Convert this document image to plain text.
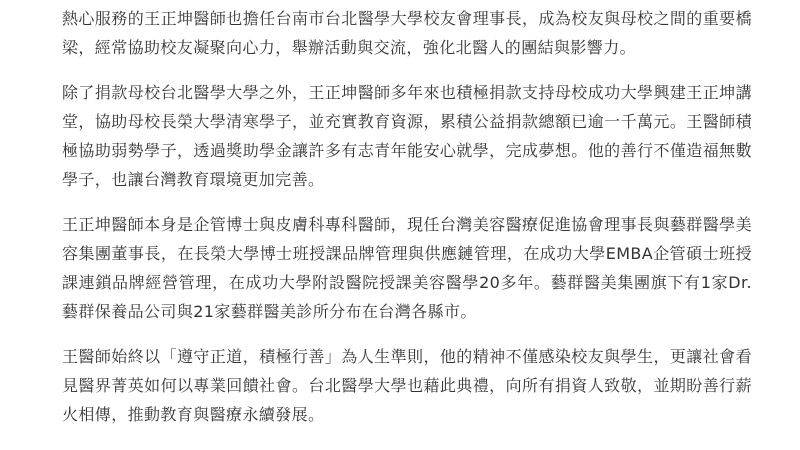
熱心服務的王正坤醫師也擔任台南市台北醫學大學校友會理事長，成為校友與母校之間的重要橋梁，經常協助校友凝聚向心力，舉辦活動與交流，強化北醫人的團結與影響力。

除了捐款母校台北醫學大學之外，王正坤醫師多年來也積極捐款支持母校成功大學興建王正坤講堂，協助母校長榮大學清寒學子，並充實教育資源，累積公益捐款總額已逾一千萬元。王醫師積極協助弱勢學子，透過獎助學金讓許多有志青年能安心就學，完成夢想。他的善行不僅造福無數學子，也讓台灣教育環境更加完善。

王正坤醫師本身是企管博士與皮膚科專科醫師，現任台灣美容醫療促進協會理事長與藝群醫學美容集團董事長，在長榮大學博士班授課品牌管理與供應鏈管理，在成功大學EMBA企管碩士班授課連鎖品牌經營管理，在成功大學附設醫院授課美容醫學20多年。藝群醫美集團旗下有1家Dr.藝群保養品公司與21家藝群醫美診所分布在台灣各縣市。

王醫師始終以「遵守正道，積極行善」為人生準則，他的精神不僅感染校友與學生，更讓社會看見醫界菁英如何以專業回饋社會。台北醫學大學也藉此典禮，向所有捐資人致敬，並期盼善行薪火相傳，推動教育與醫療永續發展。
